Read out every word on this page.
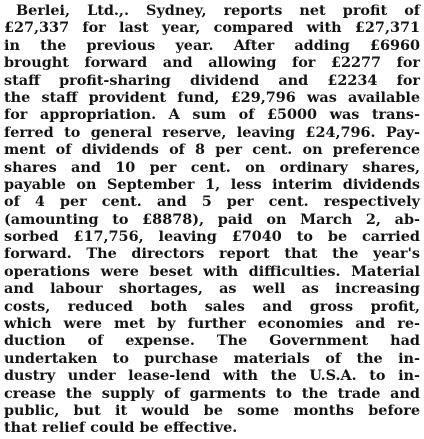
Berlei, Ltd.,. Sydney, reports net profit of
£27,337 for last year, compared with £27,371
in the previous year. After adding £6960
brought forward and allowing for £2277 for
staff profit-sharing dividend and £2234 for
the staff provident fund, £29,796 was available
for appropriation. A sum of £5000 was trans-
ferred to general reserve, leaving £24,796. Pay-
ment of dividends of 8 per cent. on preference
shares and 10 per cent. on ordinary shares,
payable on September 1, less interim dividends
of 4 per cent. and 5 per cent. respectively
(amounting to £8878), paid on March 2, ab-
sorbed £17,756, leaving £7040 to be carried
forward. The directors report that the year's
operations were beset with difficulties. Material
and labour shortages, as well as increasing
costs, reduced both sales and gross profit,
which were met by further economies and re-
duction of expense. The Government had
undertaken to purchase materials of the in-
dustry under lease-lend with the U.S.A. to in-
crease the supply of garments to the trade and
public, but it would be some months before
that relief could be effective.
